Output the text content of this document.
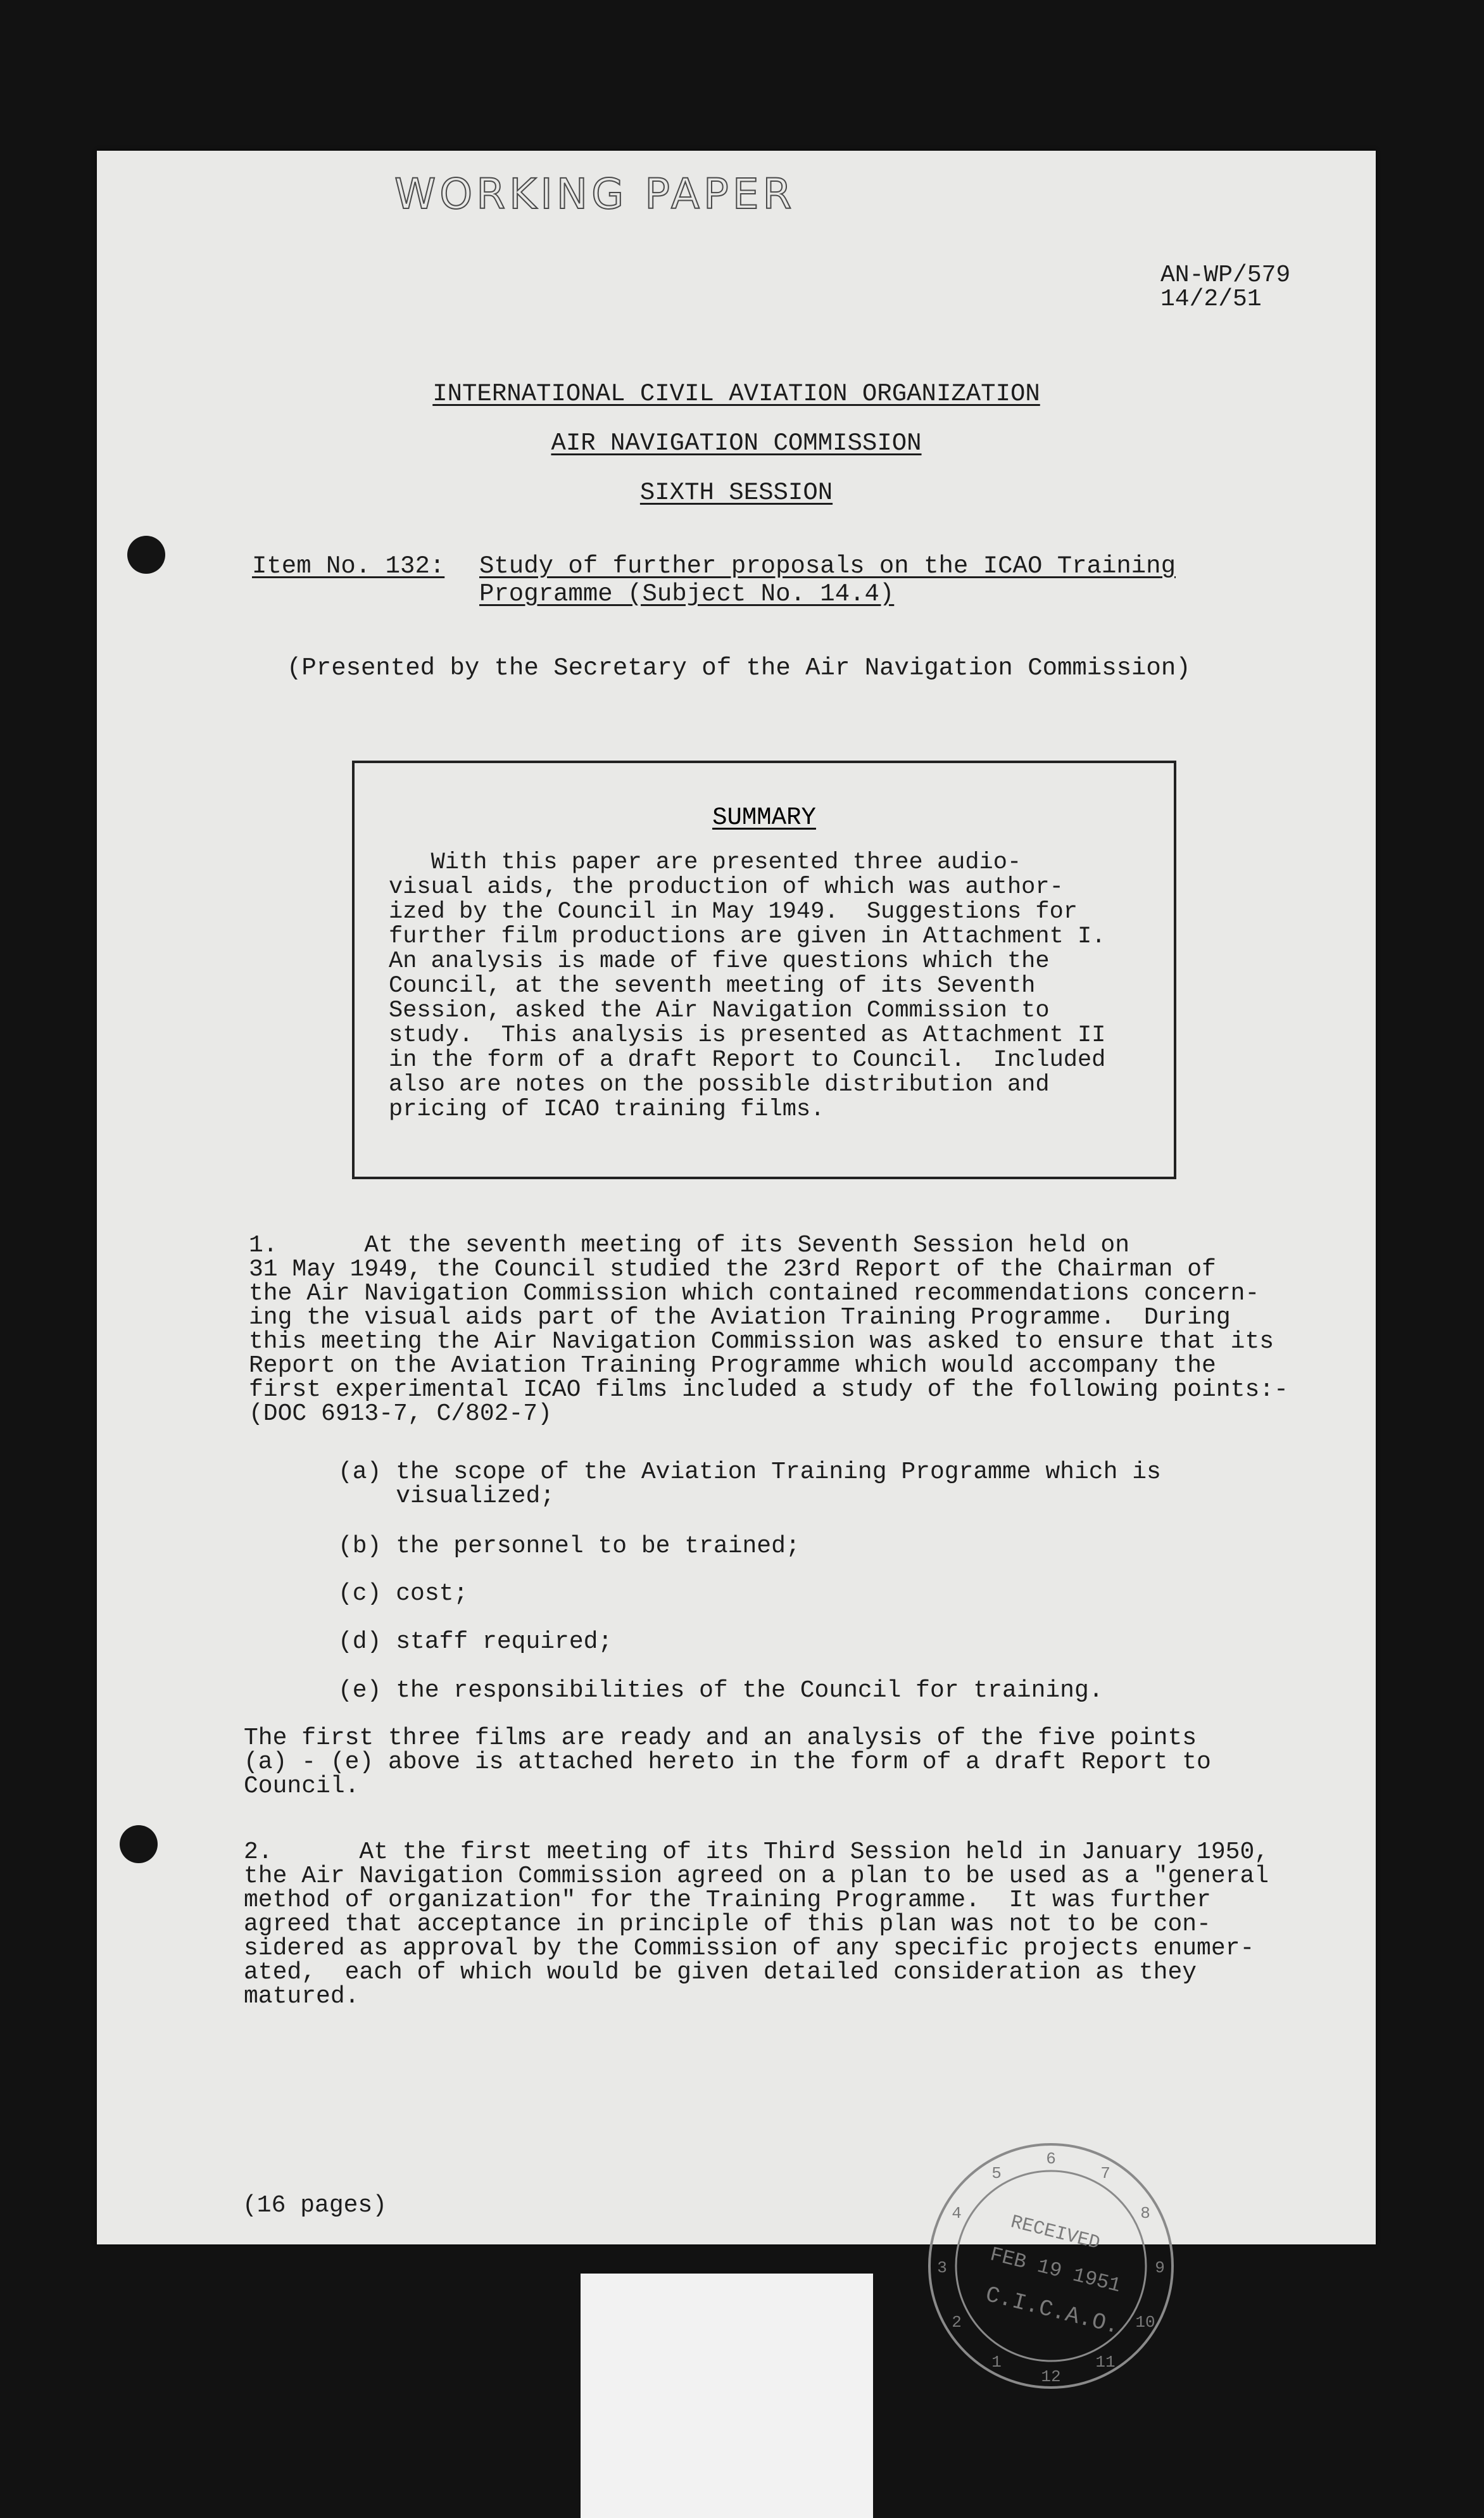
WORKING PAPER
AN-WP/579
14/2/51
INTERNATIONAL CIVIL AVIATION ORGANIZATION
AIR NAVIGATION COMMISSION
SIXTH SESSION
Item No. 132: Study of further proposals on the ICAO Training
Programme (Subject No. 14.4)
(Presented by the Secretary of the Air Navigation Commission)
SUMMARY
With this paper are presented three audio-
visual aids, the production of which was author-
ized by the Council in May 1949.  Suggestions for
further film productions are given in Attachment I.
An analysis is made of five questions which the
Council, at the seventh meeting of its Seventh
Session, asked the Air Navigation Commission to
study.  This analysis is presented as Attachment II
in the form of a draft Report to Council.  Included
also are notes on the possible distribution and
pricing of ICAO training films.
1.      At the seventh meeting of its Seventh Session held on
31 May 1949, the Council studied the 23rd Report of the Chairman of
the Air Navigation Commission which contained recommendations concern-
ing the visual aids part of the Aviation Training Programme.  During
this meeting the Air Navigation Commission was asked to ensure that its
Report on the Aviation Training Programme which would accompany the
first experimental ICAO films included a study of the following points:-
(DOC 6913-7, C/802-7)
(a) the scope of the Aviation Training Programme which is
visualized;
(b) the personnel to be trained;
(c) cost;
(d) staff required;
(e) the responsibilities of the Council for training.
The first three films are ready and an analysis of the five points
(a) - (e) above is attached hereto in the form of a draft Report to
Council.
2.      At the first meeting of its Third Session held in January 1950,
the Air Navigation Commission agreed on a plan to be used as a "general
method of organization" for the Training Programme.  It was further
agreed that acceptance in principle of this plan was not to be con-
sidered as approval by the Commission of any specific projects enumer-
ated,  each of which would be given detailed consideration as they
matured.
(16 pages)
1
2
3
4
5
6
7
8
9
10
11
12
RECEIVED
FEB 19 1951
C.I.C.A.O.
